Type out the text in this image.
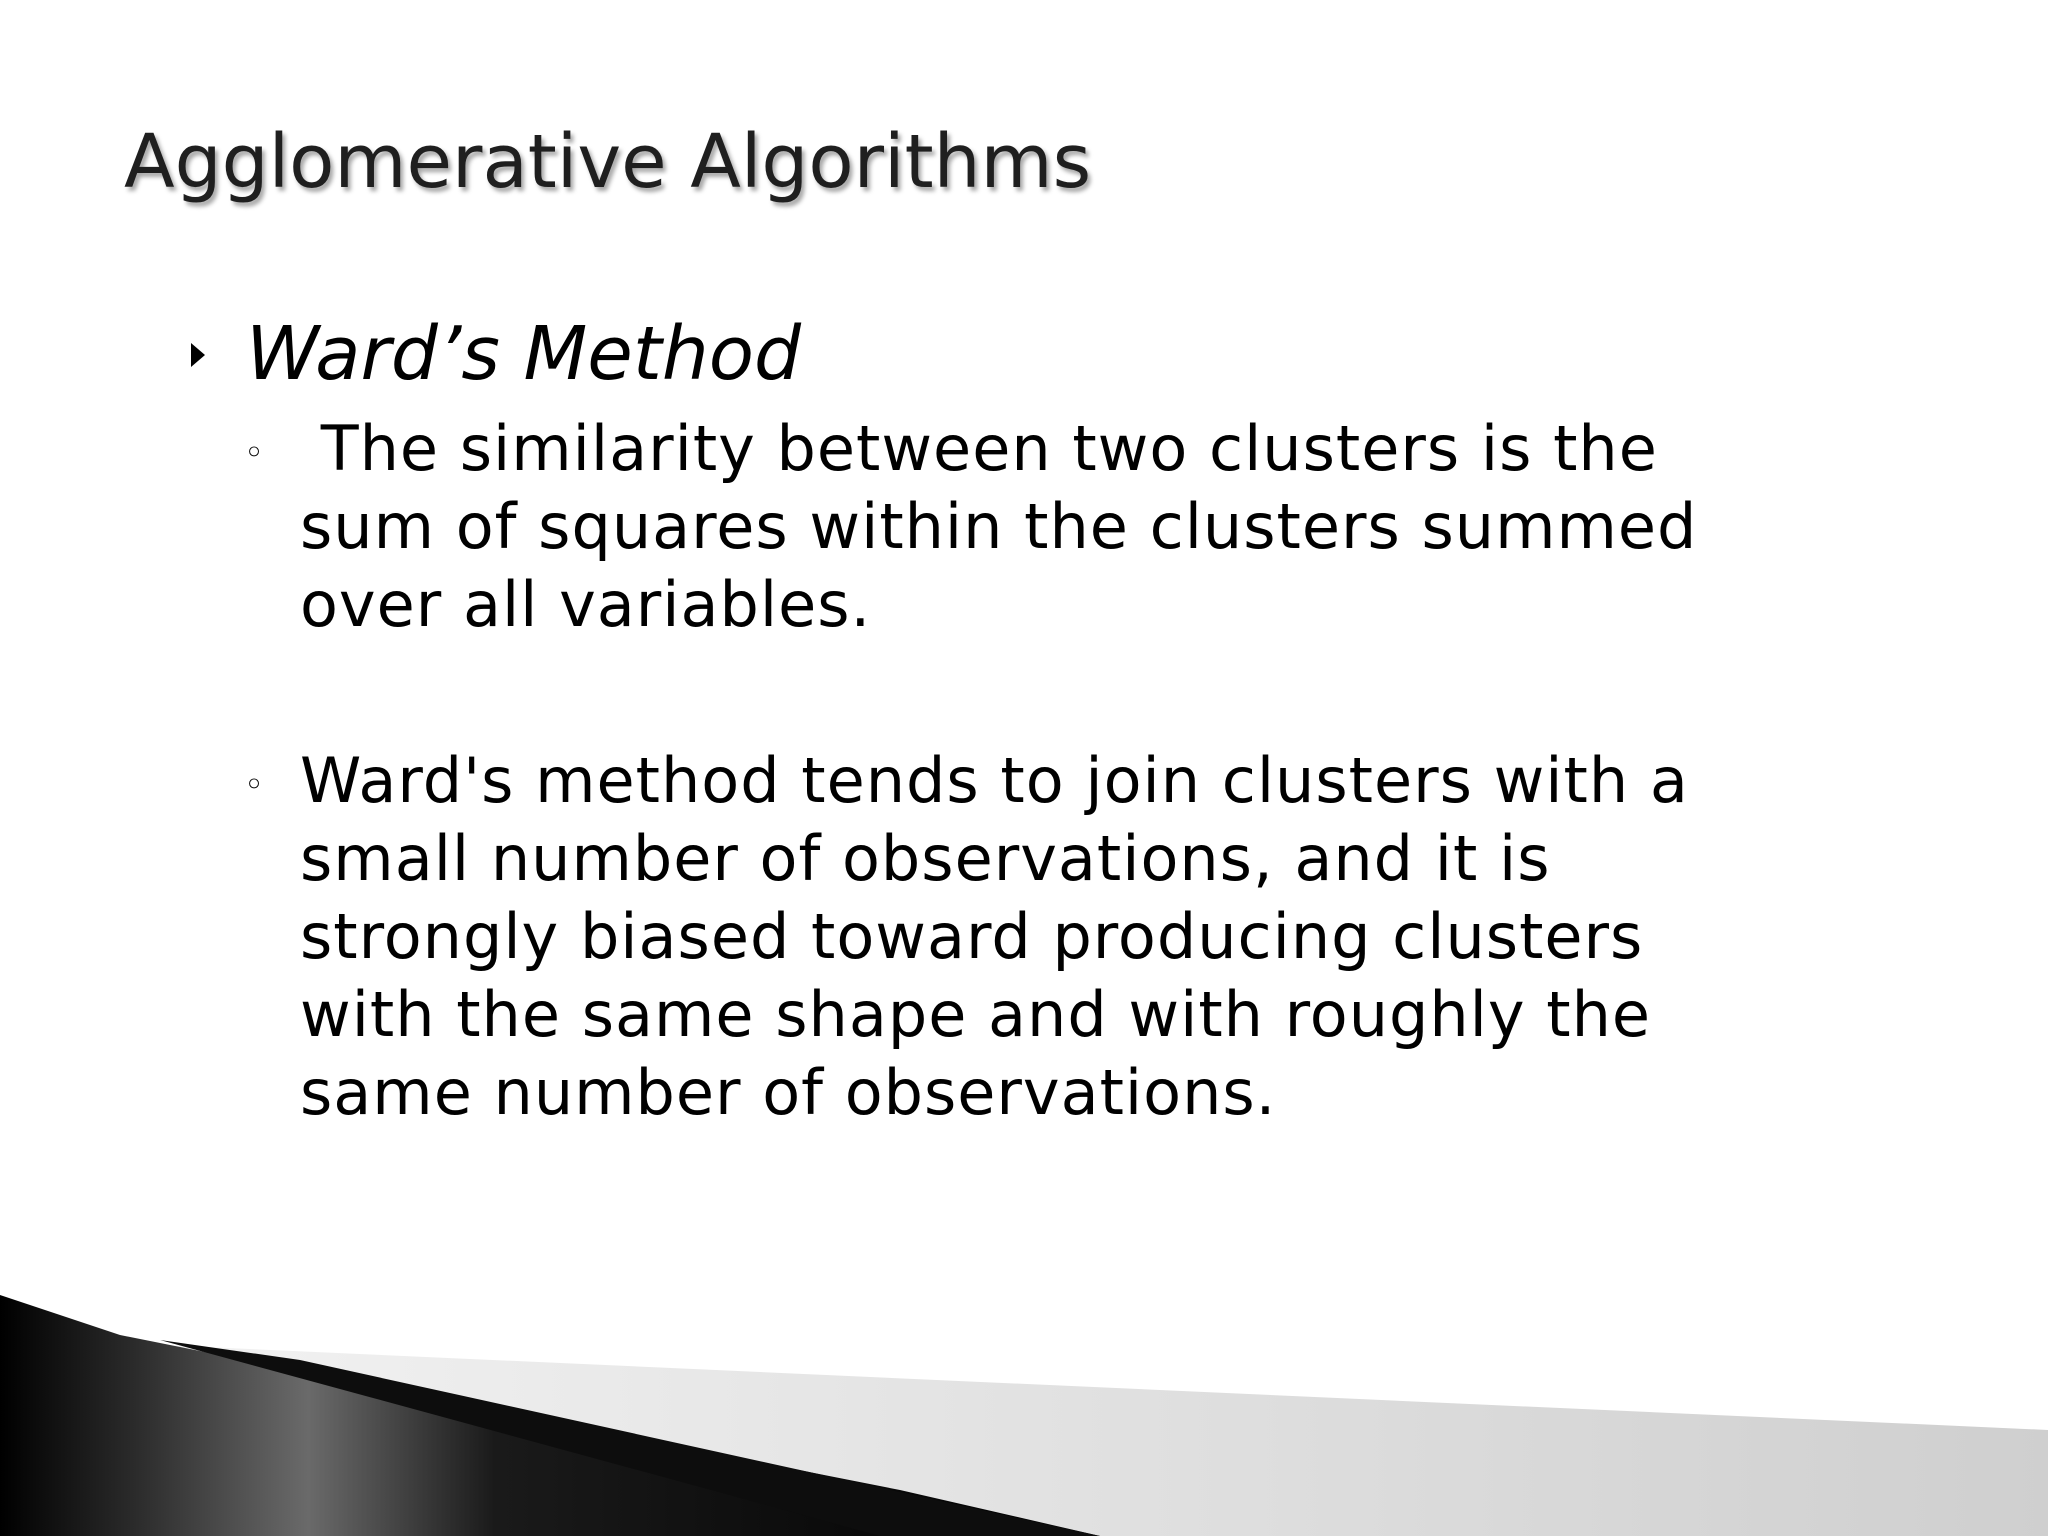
Agglomerative Algorithms
Ward’s Method
◦ The similarity between two clusters is the
sum of squares within the clusters summed
over all variables.
◦ Ward's method tends to join clusters with a
small number of observations, and it is
strongly biased toward producing clusters
with the same shape and with roughly the
same number of observations.
